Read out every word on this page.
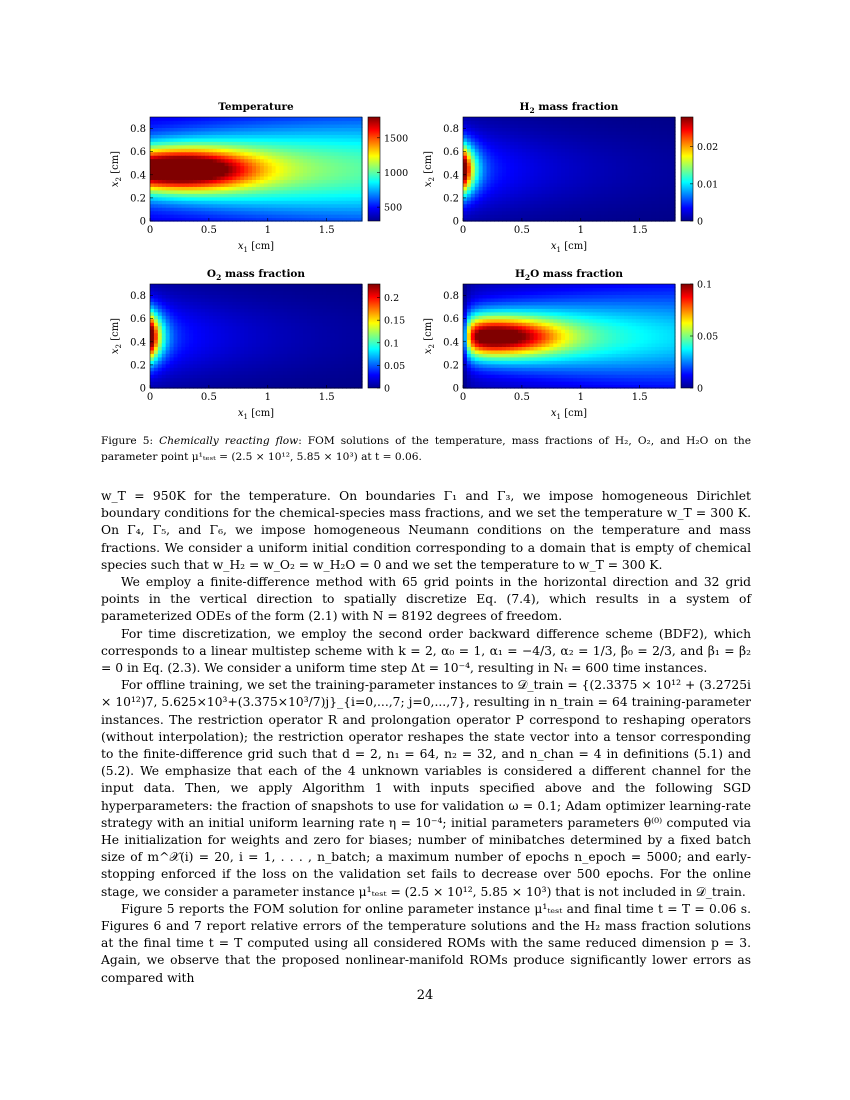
Temperature
0	0.5	1	1.5
0
0.2
0.4
0.6
0.8
$x_1$ [cm]
$x_2$ [cm]
1500
1000
500
$H_2$ mass fraction
0	0.5	1	1.5
0
0.2
0.4
0.6
0.8
$x_1$ [cm]
$x_2$ [cm]
0.02
0.01
0
$O_2$ mass fraction
0	0.5	1	1.5
0
0.2
0.4
0.6
0.8
$x_1$ [cm]
$x_2$ [cm]
0.2
0.15
0.1
0.05
0
$H_2O$ mass fraction
0	0.5	1	1.5
0
0.2
0.4
0.6
0.8
$x_1$ [cm]
$x_2$ [cm]
0.1
0.05
0
Figure 5: Chemically reacting flow: FOM solutions of the temperature, mass fractions of H₂, O₂, and H₂O on the parameter point μ¹ₜₑₛₜ = (2.5 × 10¹², 5.85 × 10³) at t = 0.06.

w_T = 950K for the temperature. On boundaries Γ₁ and Γ₃, we impose homogeneous Dirichlet boundary conditions for the chemical-species mass fractions, and we set the temperature w_T = 300 K. On Γ₄, Γ₅, and Γ₆, we impose homogeneous Neumann conditions on the temperature and mass fractions. We consider a uniform initial condition corresponding to a domain that is empty of chemical species such that w_H₂ = w_O₂ = w_H₂O = 0 and we set the temperature to w_T = 300 K.

We employ a finite-difference method with 65 grid points in the horizontal direction and 32 grid points in the vertical direction to spatially discretize Eq. (7.4), which results in a system of parameterized ODEs of the form (2.1) with N = 8192 degrees of freedom.

For time discretization, we employ the second order backward difference scheme (BDF2), which corresponds to a linear multistep scheme with k = 2, α₀ = 1, α₁ = −4/3, α₂ = 1/3, β₀ = 2/3, and β₁ = β₂ = 0 in Eq. (2.3). We consider a uniform time step Δt = 10⁻⁴, resulting in Nₜ = 600 time instances.

For offline training, we set the training-parameter instances to 𝒟_train = {(2.3375 × 10¹² + (3.2725i × 10¹²)7, 5.625×10³+(3.375×10³/7)j}_{i=0,...,7; j=0,...,7}, resulting in n_train = 64 training-parameter instances. The restriction operator R and prolongation operator P correspond to reshaping operators (without interpolation); the restriction operator reshapes the state vector into a tensor corresponding to the finite-difference grid such that d = 2, n₁ = 64, n₂ = 32, and n_chan = 4 in definitions (5.1) and (5.2). We emphasize that each of the 4 unknown variables is considered a different channel for the input data. Then, we apply Algorithm 1 with inputs specified above and the following SGD hyperparameters: the fraction of snapshots to use for validation ω = 0.1; Adam optimizer learning-rate strategy with an initial uniform learning rate η = 10⁻⁴; initial parameters parameters θ⁽⁰⁾ computed via He initialization for weights and zero for biases; number of minibatches determined by a fixed batch size of m^𝒳(i) = 20, i = 1, . . . , n_batch; a maximum number of epochs n_epoch = 5000; and early-stopping enforced if the loss on the validation set fails to decrease over 500 epochs. For the online stage, we consider a parameter instance μ¹ₜₑₛₜ = (2.5 × 10¹², 5.85 × 10³) that is not included in 𝒟_train.

Figure 5 reports the FOM solution for online parameter instance μ¹ₜₑₛₜ and final time t = T = 0.06 s. Figures 6 and 7 report relative errors of the temperature solutions and the H₂ mass fraction solutions at the final time t = T computed using all considered ROMs with the same reduced dimension p = 3. Again, we observe that the proposed nonlinear-manifold ROMs produce significantly lower errors as compared with

24
